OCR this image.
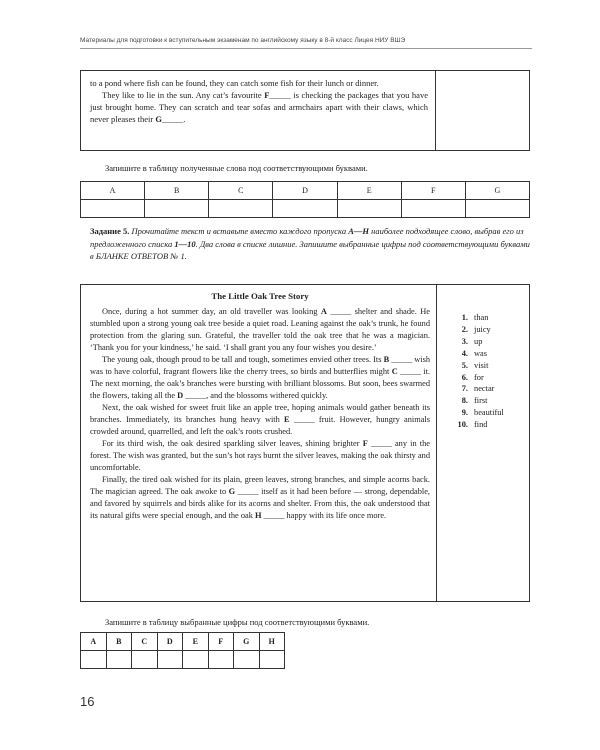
Материалы для подготовки к вступительным экзаменам по английскому языку в 8-й класс Лицея НИУ ВШЭ

to a pond where fish can be found, they can catch some fish for their lunch or dinner.

They like to lie in the sun. Any cat’s favourite F_____ is checking the packages that you have just brought home. They can scratch and tear sofas and armchairs apart with their claws, which never pleases their G_____.

Запишите в таблицу полученные слова под соответствующими буквами.
A	B	C	D	E	F	G

Задание 5. Прочитайте текст и вставьте вместо каждого пропуска A—H наиболее подходящее слово, выбрав его из предложенного списка 1—10. Два слова в списке лишние. Запишите выбранные цифры под соответствующими буквами в БЛАНКЕ ОТВЕТОВ № 1.

The Little Oak Tree Story

Once, during a hot summer day, an old traveller was looking A _____ shelter and shade. He stumbled upon a strong young oak tree beside a quiet road. Leaning against the oak’s trunk, he found protection from the glaring sun. Grateful, the traveller told the oak tree that he was a magician. ‘Thank you for your kindness,’ he said. ‘I shall grant you any four wishes you desire.’

The young oak, though proud to be tall and tough, sometimes envied other trees. Its B _____ wish was to have colorful, fragrant flowers like the cherry trees, so birds and butterflies might C _____ it. The next morning, the oak’s branches were bursting with brilliant blossoms. But soon, bees swarmed the flowers, taking all the D _____, and the blossoms withered quickly.

Next, the oak wished for sweet fruit like an apple tree, hoping animals would gather beneath its branches. Immediately, its branches hung heavy with E _____ fruit. However, hungry animals crowded around, quarrelled, and left the oak’s roots crushed.

For its third wish, the oak desired sparkling silver leaves, shining brighter F _____ any in the forest. The wish was granted, but the sun’s hot rays burnt the silver leaves, making the oak thirsty and uncomfortable.

Finally, the tired oak wished for its plain, green leaves, strong branches, and simple acorns back. The magician agreed. The oak awoke to G _____ itself as it had been before — strong, dependable, and favored by squirrels and birds alike for its acorns and shelter. From this, the oak understood that its natural gifts were special enough, and the oak H _____ happy with its life once more.

1. than
2. juicy
3. up
4. was
5. visit
6. for
7. nectar
8. first
9. beautiful
10. find
Запишите в таблицу выбранные цифры под соответствующими буквами.
A	B	C	D	E	F	G	H

16
